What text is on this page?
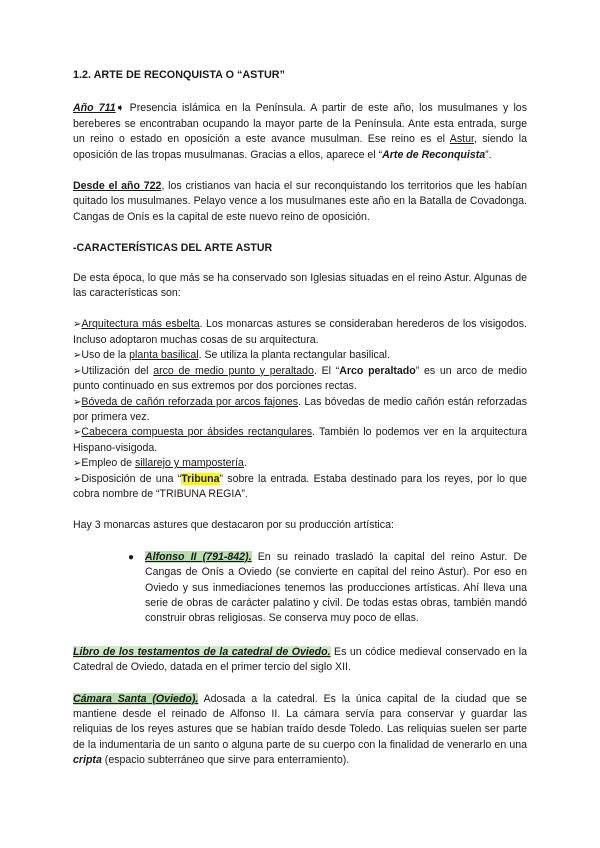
1.2. ARTE DE RECONQUISTA O “ASTUR”

Año 711➧ Presencia islámica en la Península. A partir de este año, los musulmanes y los bereberes se encontraban ocupando la mayor parte de la Península. Ante esta entrada, surge un reino o estado en oposición a este avance musulman. Ese reino es el Astur, siendo la oposición de las tropas musulmanas. Gracias a ellos, aparece el “Arte de Reconquista”.

Desde el año 722, los cristianos van hacia el sur reconquistando los territorios que les habían quitado los musulmanes. Pelayo vence a los musulmanes este año en la Batalla de Covadonga. Cangas de Onís es la capital de este nuevo reino de oposición.

-CARACTERÍSTICAS DEL ARTE ASTUR

De esta época, lo que más se ha conservado son Iglesias situadas en el reino Astur. Algunas de las características son:

➢Arquitectura más esbelta. Los monarcas astures se consideraban herederos de los visigodos. Incluso adoptaron muchas cosas de su arquitectura.

➢Uso de la planta basilical. Se utiliza la planta rectangular basilical.

➢Utilización del arco de medio punto y peraltado. El “Arco peraltado” es un arco de medio punto continuado en sus extremos por dos porciones rectas.

➢Bóveda de cañón reforzada por arcos fajones. Las bóvedas de medio cañón están reforzadas por primera vez.

➢Cabecera compuesta por ábsides rectangulares. También lo podemos ver en la arquitectura Hispano-visigoda.

➢Empleo de sillarejo y mampostería.

➢Disposición de una “Tribuna” sobre la entrada. Estaba destinado para los reyes, por lo que cobra nombre de “TRIBUNA REGIA”.

Hay 3 monarcas astures que destacaron por su producción artística:

● Alfonso II (791-842). En su reinado trasladó la capital del reino Astur. De Cangas de Onís a Oviedo (se convierte en capital del reino Astur). Por eso en Oviedo y sus inmediaciones tenemos las producciones artísticas. Ahí lleva una serie de obras de carácter palatino y civil. De todas estas obras, también mandó construir obras religiosas. Se conserva muy poco de ellas.

Libro de los testamentos de la catedral de Oviedo. Es un códice medieval conservado en la Catedral de Oviedo, datada en el primer tercio del siglo XII.

Cámara Santa (Oviedo). Adosada a la catedral. Es la única capital de la ciudad que se mantiene desde el reinado de Alfonso II. La cámara servía para conservar y guardar las reliquias de los reyes astures que se habían traído desde Toledo. Las reliquias suelen ser parte de la indumentaria de un santo o alguna parte de su cuerpo con la finalidad de venerarlo en una cripta (espacio subterráneo que sirve para enterramiento).
